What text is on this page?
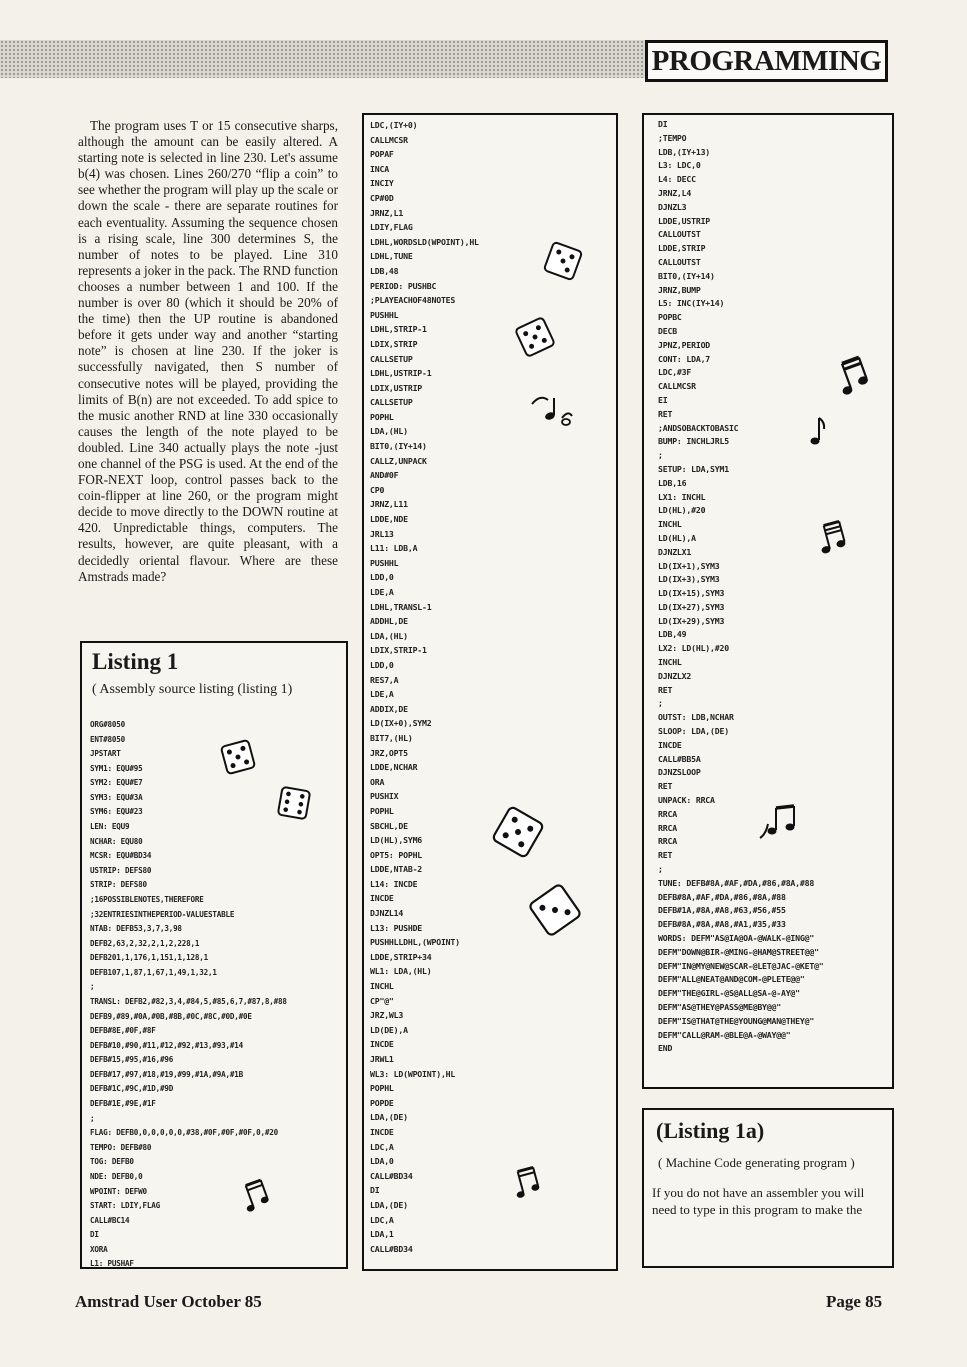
PROGRAMMING

The program uses T or 15 consecutive sharps, although the amount can be easily altered. A starting note is selected in line 230. Let's assume b(4) was chosen. Lines 260/270 “flip a coin” to see whether the program will play up the scale or down the scale - there are separate routines for each eventuality. Assuming the sequence chosen is a rising scale, line 300 determines S, the number of notes to be played. Line 310 represents a joker in the pack. The RND function chooses a number between 1 and 100. If the number is over 80 (which it should be 20% of the time) then the UP routine is abandoned before it gets under way and another “starting note” is chosen at line 230. If the joker is successfully navigated, then S number of consecutive notes will be played, providing the limits of B(n) are not exceeded. To add spice to the music another RND at line 330 occasionally causes the length of the note played to be doubled. Line 340 actually plays the note -just one channel of the PSG is used. At the end of the FOR-NEXT loop, control passes back to the coin-flipper at line 260, or the program might decide to move directly to the DOWN routine at 420. Unpredictable things, computers. The results, however, are quite pleasant, with a decidedly oriental flavour. Where are these Amstrads made?

Listing 1
( Assembly source listing (listing 1)
ORG#8050
ENT#8050
JPSTART
SYM1: EQU#95
SYM2: EQU#E7
SYM3: EQU#3A
SYM6: EQU#23
LEN: EQU9
NCHAR: EQU80
MCSR: EQU#BD34
USTRIP: DEFS80
STRIP: DEFS80
;16POSSIBLENOTES,THEREFORE
;32ENTRIESINTHEPERIOD-VALUESTABLE
NTAB: DEFB53,3,7,3,98
DEFB2,63,2,32,2,1,2,228,1
DEFB201,1,176,1,151,1,128,1
DEFB107,1,87,1,67,1,49,1,32,1
;
TRANSL: DEFB2,#82,3,4,#84,5,#85,6,7,#87,8,#88
DEFB9,#89,#0A,#0B,#8B,#0C,#8C,#0D,#0E
DEFB#8E,#0F,#8F
DEFB#10,#90,#11,#12,#92,#13,#93,#14
DEFB#15,#95,#16,#96
DEFB#17,#97,#18,#19,#99,#1A,#9A,#1B
DEFB#1C,#9C,#1D,#9D
DEFB#1E,#9E,#1F
;
FLAG: DEFB0,0,0,0,0,0,#38,#0F,#0F,#0F,0,#20
TEMPO: DEFB#80
TOG: DEFB0
NDE: DEFB0,0
WPOINT: DEFW0
START: LDIY,FLAG
CALL#BC14
DI
XORA
L1: PUSHAF
LDC,(IY+0)
CALLMCSR
POPAF
INCA
INCIY
CP#0D
JRNZ,L1
LDIY,FLAG
LDHL,WORDSLD(WPOINT),HL
LDHL,TUNE
LDB,48
PERIOD: PUSHBC
;PLAYEACHOF48NOTES
PUSHHL
LDHL,STRIP-1
LDIX,STRIP
CALLSETUP
LDHL,USTRIP-1
LDIX,USTRIP
CALLSETUP
POPHL
LDA,(HL)
BIT0,(IY+14)
CALLZ,UNPACK
AND#0F
CP0
JRNZ,L11
LDDE,NDE
JRL13
L11: LDB,A
PUSHHL
LDD,0
LDE,A
LDHL,TRANSL-1
ADDHL,DE
LDA,(HL)
LDIX,STRIP-1
LDD,0
RES7,A
LDE,A
ADDIX,DE
LD(IX+0),SYM2
BIT7,(HL)
JRZ,OPT5
LDDE,NCHAR
ORA
PUSHIX
POPHL
SBCHL,DE
LD(HL),SYM6
OPT5: POPHL
LDDE,NTAB-2
L14: INCDE
INCDE
DJNZL14
L13: PUSHDE
PUSHHLLDHL,(WPOINT)
LDDE,STRIP+34
WL1: LDA,(HL)
INCHL
CP"@"
JRZ,WL3
LD(DE),A
INCDE
JRWL1
WL3: LD(WPOINT),HL
POPHL
POPDE
LDA,(DE)
INCDE
LDC,A
LDA,0
CALL#BD34
DI
LDA,(DE)
LDC,A
LDA,1
CALL#BD34
DI
;TEMPO
LDB,(IY+13)
L3: LDC,0
L4: DECC
JRNZ,L4
DJNZL3
LDDE,USTRIP
CALLOUTST
LDDE,STRIP
CALLOUTST
BIT0,(IY+14)
JRNZ,BUMP
L5: INC(IY+14)
POPBC
DECB
JPNZ,PERIOD
CONT: LDA,7
LDC,#3F
CALLMCSR
EI
RET
;ANDSOBACKTOBASIC
BUMP: INCHLJRL5
;
SETUP: LDA,SYM1
LDB,16
LX1: INCHL
LD(HL),#20
INCHL
LD(HL),A
DJNZLX1
LD(IX+1),SYM3
LD(IX+3),SYM3
LD(IX+15),SYM3
LD(IX+27),SYM3
LD(IX+29),SYM3
LDB,49
LX2: LD(HL),#20
INCHL
DJNZLX2
RET
;
OUTST: LDB,NCHAR
SLOOP: LDA,(DE)
INCDE
CALL#BB5A
DJNZSLOOP
RET
UNPACK: RRCA
RRCA
RRCA
RRCA
RET
;
TUNE: DEFB#8A,#AF,#DA,#86,#8A,#88
DEFB#8A,#AF,#DA,#86,#8A,#88
DEFB#1A,#8A,#A8,#63,#56,#55
DEFB#8A,#8A,#A8,#A1,#35,#33
WORDS: DEFM"AS@IA@OA-@WALK-@ING@"
DEFM"DOWN@BIR-@MING-@HAM@STREET@@"
DEFM"IN@MY@NEW@SCAR-@LET@JAC-@KET@"
DEFM"ALL@NEAT@AND@COM-@PLETE@@"
DEFM"THE@GIRL-@S@ALL@SA-@-AY@"
DEFM"AS@THEY@PASS@ME@BY@@"
DEFM"IS@THAT@THE@YOUNG@MAN@THEY@"
DEFM"CALL@RAM-@BLE@A-@WAY@@"
END
(Listing 1a)
( Machine Code generating program )
If you do not have an assembler you will need to type in this program to make the
Amstrad User October 85	Page 85
